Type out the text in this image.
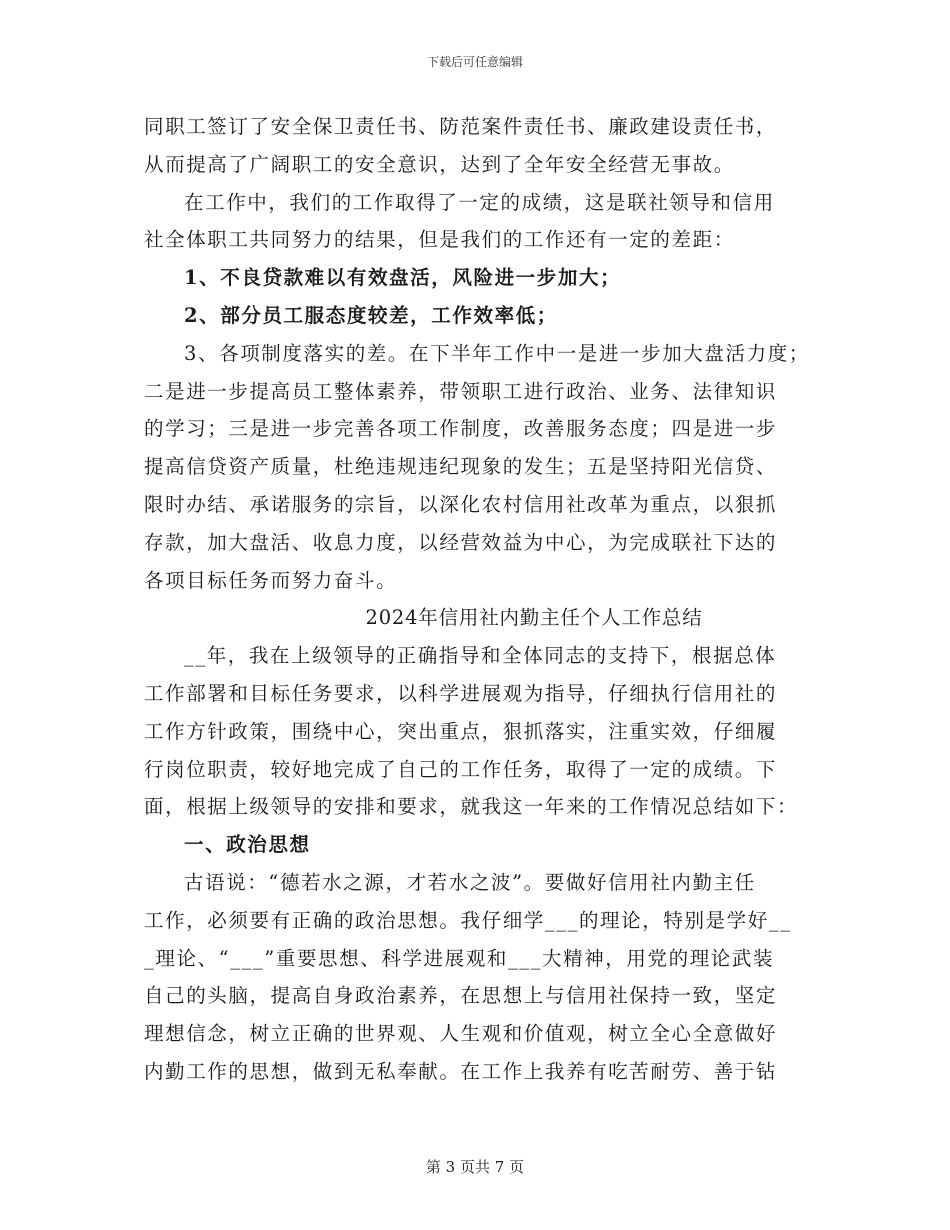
下载后可任意编辑
同职工签订了安全保卫责任书、防范案件责任书、廉政建设责任书，
从而提高了广阔职工的安全意识，达到了全年安全经营无事故。
在工作中，我们的工作取得了一定的成绩，这是联社领导和信用
社全体职工共同努力的结果，但是我们的工作还有一定的差距：
1、不良贷款难以有效盘活，风险进一步加大；
2、部分员工服态度较差，工作效率低；
3、各项制度落实的差。在下半年工作中一是进一步加大盘活力度；
二是进一步提高员工整体素养，带领职工进行政治、业务、法律知识
的学习；三是进一步完善各项工作制度，改善服务态度；四是进一步
提高信贷资产质量，杜绝违规违纪现象的发生；五是坚持阳光信贷、
限时办结、承诺服务的宗旨，以深化农村信用社改革为重点，以狠抓
存款，加大盘活、收息力度，以经营效益为中心，为完成联社下达的
各项目标任务而努力奋斗。
2024年信用社内勤主任个人工作总结
__年，我在上级领导的正确指导和全体同志的支持下，根据总体
工作部署和目标任务要求，以科学进展观为指导，仔细执行信用社的
工作方针政策，围绕中心，突出重点，狠抓落实，注重实效，仔细履
行岗位职责，较好地完成了自己的工作任务，取得了一定的成绩。下
面，根据上级领导的安排和要求，就我这一年来的工作情况总结如下：
一、政治思想
古语说：“德若水之源，才若水之波”。要做好信用社内勤主任
工作，必须要有正确的政治思想。我仔细学___的理论，特别是学好__
_理论、“___”重要思想、科学进展观和___大精神，用党的理论武装
自己的头脑，提高自身政治素养，在思想上与信用社保持一致，坚定
理想信念，树立正确的世界观、人生观和价值观，树立全心全意做好
内勤工作的思想，做到无私奉献。在工作上我养有吃苦耐劳、善于钻
第 3 页共 7 页
